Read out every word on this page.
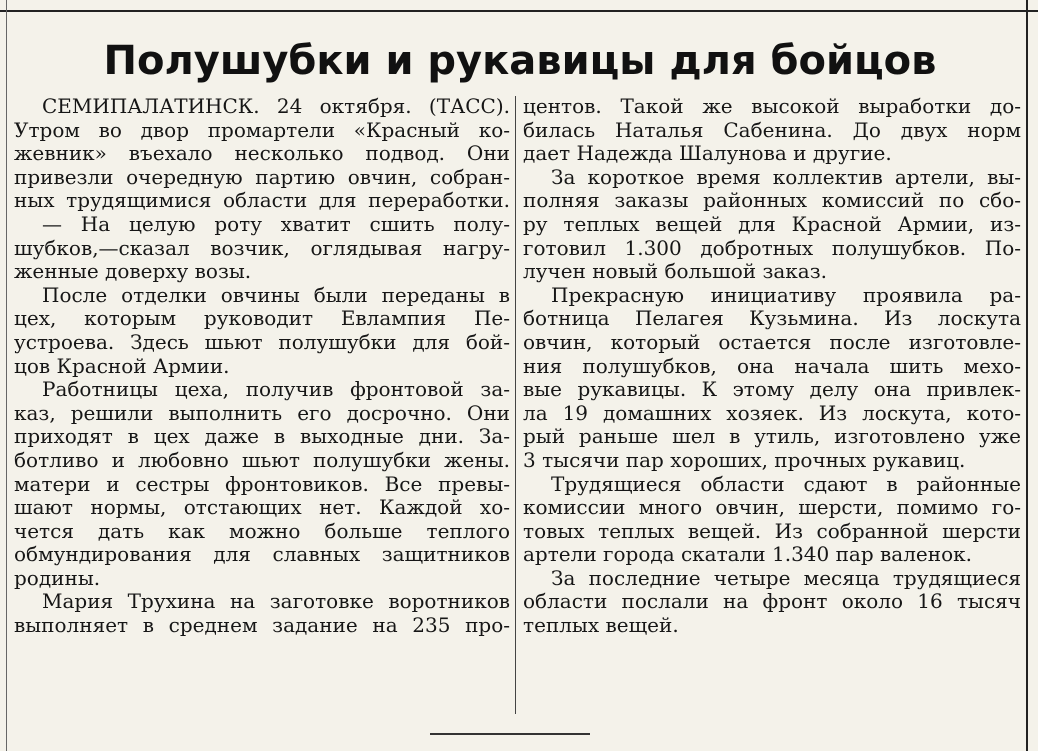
Полушубки и рукавицы для бойцов
СЕМИПАЛАТИНСК. 24 октября. (ТАСС).
Утром во двор промартели «Красный ко-
жевник» въехало несколько подвод. Они
привезли очередную партию овчин, собран-
ных трудящимися области для переработки.
— На целую роту хватит сшить полу-
шубков,—сказал возчик, оглядывая нагру-
женные доверху возы.
После отделки овчины были переданы в
цех, которым руководит Евлампия Пе-
устроева. Здесь шьют полушубки для бой-
цов Красной Армии.
Работницы цеха, получив фронтовой за-
каз, решили выполнить его досрочно. Они
приходят в цех даже в выходные дни. За-
ботливо и любовно шьют полушубки жены.
матери и сестры фронтовиков. Все превы-
шают нормы, отстающих нет. Каждой хо-
чется дать как можно больше теплого
обмундирования для славных защитников
родины.
Мария Трухина на заготовке воротников
выполняет в среднем задание на 235 про-
центов. Такой же высокой выработки до-
билась Наталья Сабенина. До двух норм
дает Надежда Шалунова и другие.
За короткое время коллектив артели, вы-
полняя заказы районных комиссий по сбо-
ру теплых вещей для Красной Армии, из-
готовил 1.300 добротных полушубков. По-
лучен новый большой заказ.
Прекрасную инициативу проявила ра-
ботница Пелагея Кузьмина. Из лоскута
овчин, который остается после изготовле-
ния полушубков, она начала шить мехо-
вые рукавицы. К этому делу она привлек-
ла 19 домашних хозяек. Из лоскута, кото-
рый раньше шел в утиль, изготовлено уже
3 тысячи пар хороших, прочных рукавиц.
Трудящиеся области сдают в районные
комиссии много овчин, шерсти, помимо го-
товых теплых вещей. Из собранной шерсти
артели города скатали 1.340 пар валенок.
За последние четыре месяца трудящиеся
области послали на фронт около 16 тысяч
теплых вещей.
